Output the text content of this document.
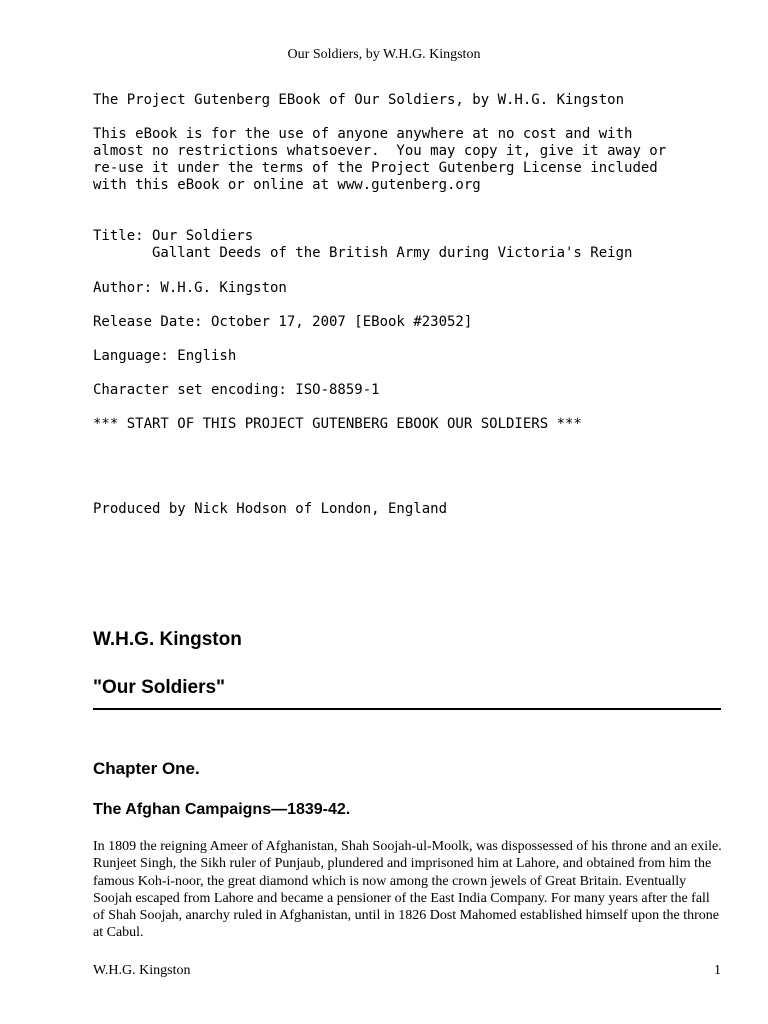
Our Soldiers, by W.H.G. Kingston
The Project Gutenberg EBook of Our Soldiers, by W.H.G. Kingston
This eBook is for the use of anyone anywhere at no cost and with
almost no restrictions whatsoever.  You may copy it, give it away or
re-use it under the terms of the Project Gutenberg License included
with this eBook or online at www.gutenberg.org
Title: Our Soldiers
Gallant Deeds of the British Army during Victoria's Reign
Author: W.H.G. Kingston
Release Date: October 17, 2007 [EBook #23052]
Language: English
Character set encoding: ISO-8859-1
*** START OF THIS PROJECT GUTENBERG EBOOK OUR SOLDIERS ***
Produced by Nick Hodson of London, England
W.H.G. Kingston
"Our Soldiers"
Chapter One.
The Afghan Campaigns—1839-42.

In 1809 the reigning Ameer of Afghanistan, Shah Soojah-ul-Moolk, was dispossessed of his throne and an exile. Runjeet Singh, the Sikh ruler of Punjaub, plundered and imprisoned him at Lahore, and obtained from him the famous Koh-i-noor, the great diamond which is now among the crown jewels of Great Britain. Eventually Soojah escaped from Lahore and became a pensioner of the East India Company. For many years after the fall of Shah Soojah, anarchy ruled in Afghanistan, until in 1826 Dost Mahomed established himself upon the throne at Cabul.

W.H.G. Kingston	1
